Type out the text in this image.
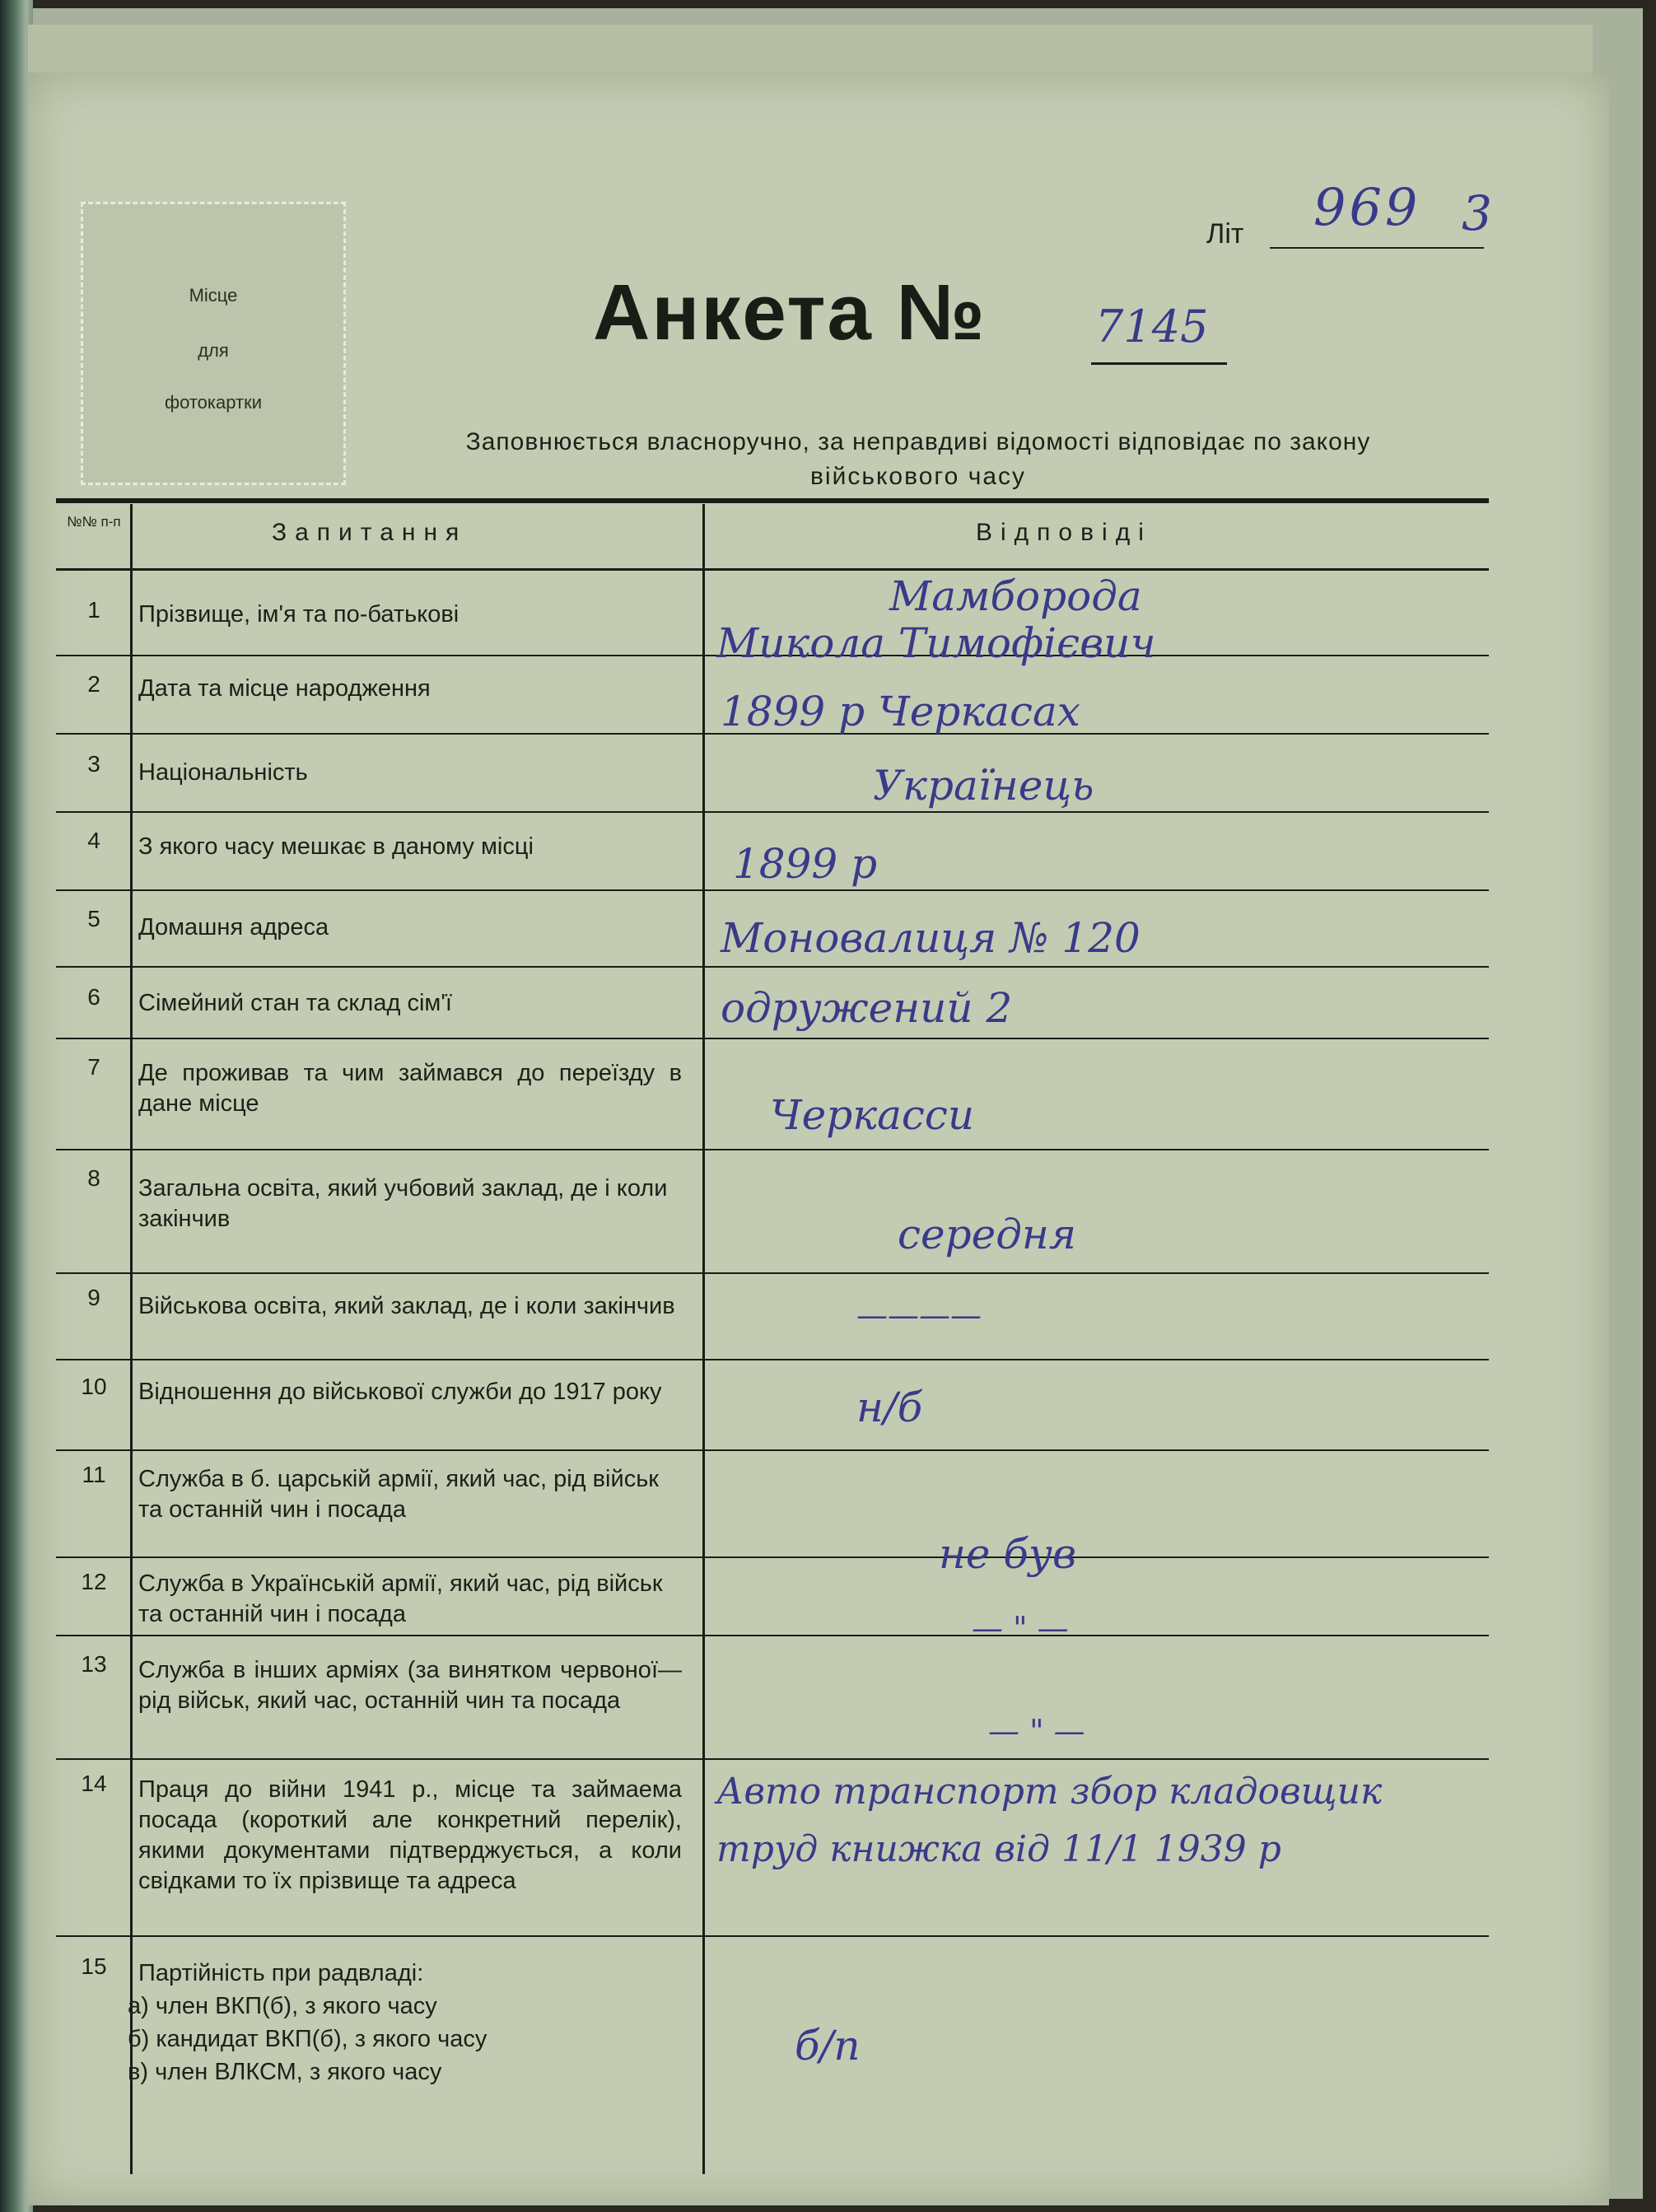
Літ 969 3
Місце
для
фотокартки
Анкета № 7145
Заповнюється власноручно, за неправдиві відомості відповідає по закону
військового часу
№№ п-п	Запитання	Відповіді
1	Прізвище, ім'я та по-батькові	Мамборода
Микола Тимофієвич
2	Дата та місце народження	1899 р Черкасах
3	Національність	Українець
4	З якого часу мешкає в даному місці	1899 р
5	Домашня адреса	Моновалиця № 120
6	Сімейний стан та склад сім'ї	одружений 2
7	Де проживав та чим займався до переїзду в дане місце	Черкасси
8	Загальна освіта, який учбовий заклад, де і коли закінчив	середня
9	Військова освіта, який заклад, де і коли закінчив	————
10	Відношення до військової служби до 1917 року	н/б
11	Служба в б. царській армії, який час, рід військ та останній чин і посада
не був
12	Служба в Українській армії, який час, рід військ та останній чин і посада	— " —
13	Служба в інших арміях (за винятком червоної—рід військ, який час, останній чин та посада
— " —
14	Праця до війни 1941 р., місце та займаема посада (короткий але конкретний перелік), якими документами підтверджується, а коли свідками то їх прізвище та адреса
Авто транспорт збор кладовщик
труд книжка від 11/1 1939 р
15	Партійність при радвладі:
а) член ВКП(б), з якого часу
б) кандидат ВКП(б), з якого часу
в) член ВЛКСМ, з якого часу
б/п
